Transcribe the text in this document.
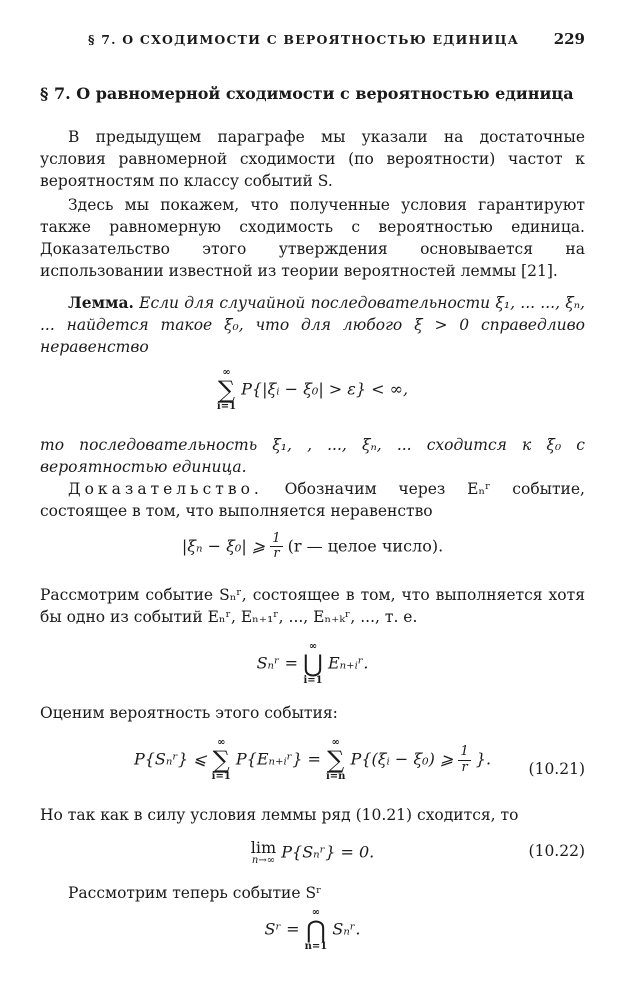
§ 7. О СХОДИМОСТИ С ВЕРОЯТНОСТЬЮ ЕДИНИЦА 229
§ 7. О равномерной сходимости с вероятностью единица
В предыдущем параграфе мы указали на достаточные условия равномерной сходимости (по вероятности) частот к вероятностям по классу событий S.
Здесь мы покажем, что полученные условия гарантируют также равномерную сходимость с вероятностью единица. Доказательство этого утверждения основывается на использовании известной из теории вероятностей леммы [21].
Лемма. Если для случайной последовательности ξ₁, ... ..., ξₙ, ... найдется такое ξ₀, что для любого ξ > 0 справедливо неравенство
∞
∑
i=1
P{|ξᵢ − ξ₀| > ε} < ∞,
то последовательность ξ₁, , ..., ξₙ, ... сходится к ξ₀ с вероятностью единица.
Доказательство. Обозначим через Eₙʳ событие, состоящее в том, что выполняется неравенство
|ξₙ − ξ₀| ⩾ $\frac{1}{r} (r$ — целое число).
Рассмотрим событие Sₙʳ, состоящее в том, что выполняется хотя бы одно из событий Eₙʳ, Eₙ₊₁ʳ, ..., Eₙ₊ₖʳ, ..., т. е.
Sₙʳ =
∞
⋃
i=1
Eₙ₊ᵢʳ.
Оценим вероятность этого события:
P{Sₙʳ} ⩽
∞
∑
i=1
P{Eₙ₊ᵢʳ} =
∞
∑
i=n
P{(ξᵢ − ξ₀) ⩾ $\frac{1}{r}$ }.
(10.21)
Но так как в силу условия леммы ряд (10.21) сходится, то
lim
n→∞ P{Sₙʳ} = 0.	(10.22)
Рассмотрим теперь событие Sʳ
Sʳ =
∞
⋂
n=1
Sₙʳ.
